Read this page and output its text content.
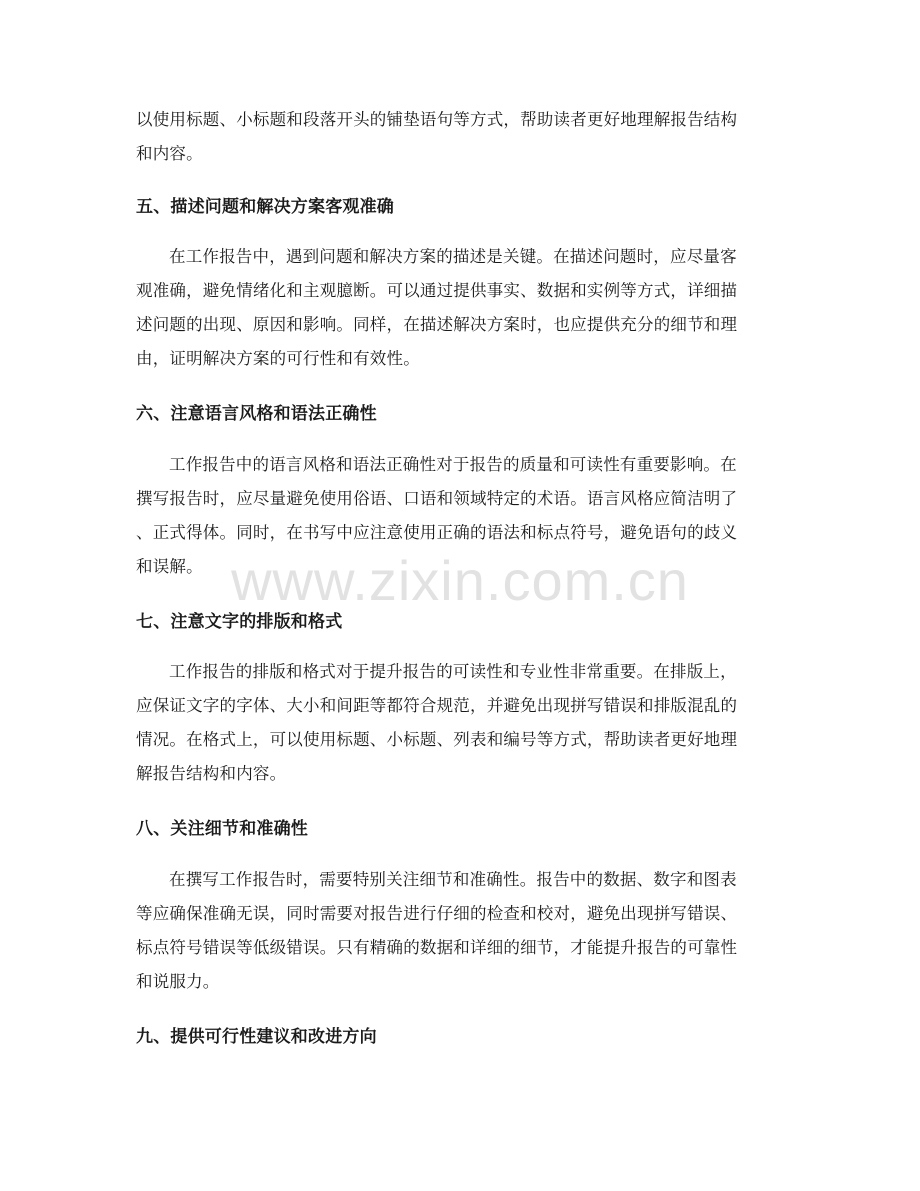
以使用标题、小标题和段落开头的铺垫语句等方式，帮助读者更好地理解报告结构

和内容。

五、描述问题和解决方案客观准确

在工作报告中，遇到问题和解决方案的描述是关键。在描述问题时，应尽量客

观准确，避免情绪化和主观臆断。可以通过提供事实、数据和实例等方式，详细描

述问题的出现、原因和影响。同样，在描述解决方案时，也应提供充分的细节和理

由，证明解决方案的可行性和有效性。

六、注意语言风格和语法正确性

工作报告中的语言风格和语法正确性对于报告的质量和可读性有重要影响。在

撰写报告时，应尽量避免使用俗语、口语和领域特定的术语。语言风格应简洁明了

、正式得体。同时，在书写中应注意使用正确的语法和标点符号，避免语句的歧义

和误解。

七、注意文字的排版和格式

工作报告的排版和格式对于提升报告的可读性和专业性非常重要。在排版上，

应保证文字的字体、大小和间距等都符合规范，并避免出现拼写错误和排版混乱的

情况。在格式上，可以使用标题、小标题、列表和编号等方式，帮助读者更好地理

解报告结构和内容。

八、关注细节和准确性

在撰写工作报告时，需要特别关注细节和准确性。报告中的数据、数字和图表

等应确保准确无误，同时需要对报告进行仔细的检查和校对，避免出现拼写错误、

标点符号错误等低级错误。只有精确的数据和详细的细节，才能提升报告的可靠性

和说服力。

九、提供可行性建议和改进方向
www.zixin.com.cn
